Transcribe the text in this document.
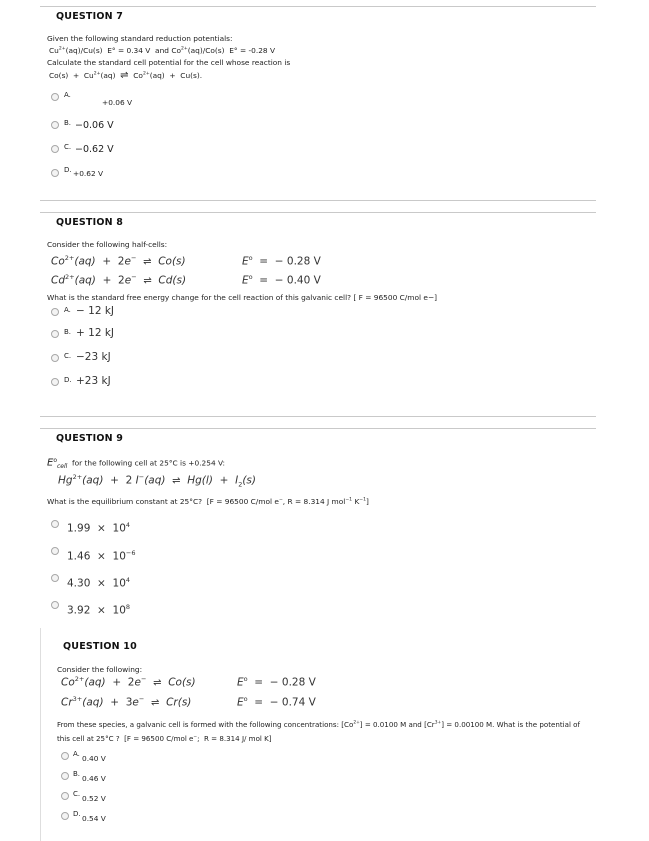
QUESTION 7
Given the following standard reduction potentials:
$Cu^{2+}(aq)/Cu(s) E^\circ = 0.34$ V  and $Co^{2+}(aq)/Co(s) E^\circ = -0.28$ V
Calculate the standard cell potential for the cell whose reaction is
$Co(s) + Cu^{2+}(aq)$  ⇌  $Co^{2+}(aq) + Cu(s)$.
A.
+0.06 V
B. −0.06 V
C. −0.62 V
D. +0.62 V
QUESTION 8
Consider the following half-cells:
$Co^{2+}(aq) + 2e^-$ ⇌ Co(s)	$E^o$  =  − 0.28 V
$Cd^{2+}(aq) + 2e^-$ ⇌ Cd(s)	$E^o$  =  − 0.40 V
What is the standard free energy change for the cell reaction of this galvanic cell? [ F = 96500 C/mol e−]
A. − 12 kJ
B. + 12 kJ
C. −23 kJ
D. +23 kJ
QUESTION 9
$E^o_{cell}$  for the following cell at 25°C is +0.254 V:
$Hg^{2+}(aq) + 2$ I−(aq) ⇌ $Hg(l) + I_2(s)$
What is the equilibrium constant at 25°C?  [F = 96500 C/mol e−, R = 8.314 J mol$^{-1}$ $K^{-1}$]
$1.99 \times 10^4$
$1.46 \times 10^{-6}$
$4.30 \times 10^4$
$3.92 \times 10^8$
QUESTION 10
Consider the following:
$Co^{2+}(aq) + 2e^-$ ⇌ Co(s)	$E^o$  =  − 0.28 V
$Cr^{3+}(aq) + 3e^-$ ⇌ Cr(s)	$E^o$  =  − 0.74 V
From these species, a galvanic cell is formed with the following concentrations: $[Co^{2+}] = 0.0100$ M and $[Cr^{3+}] = 0.00100$ M. What is the potential of
this cell at 25°C ?  [F = 96500 C/mol e−;  R = 8.314 J/ mol K]
A. 0.40 V
B. 0.46 V
C. 0.52 V
D. 0.54 V
